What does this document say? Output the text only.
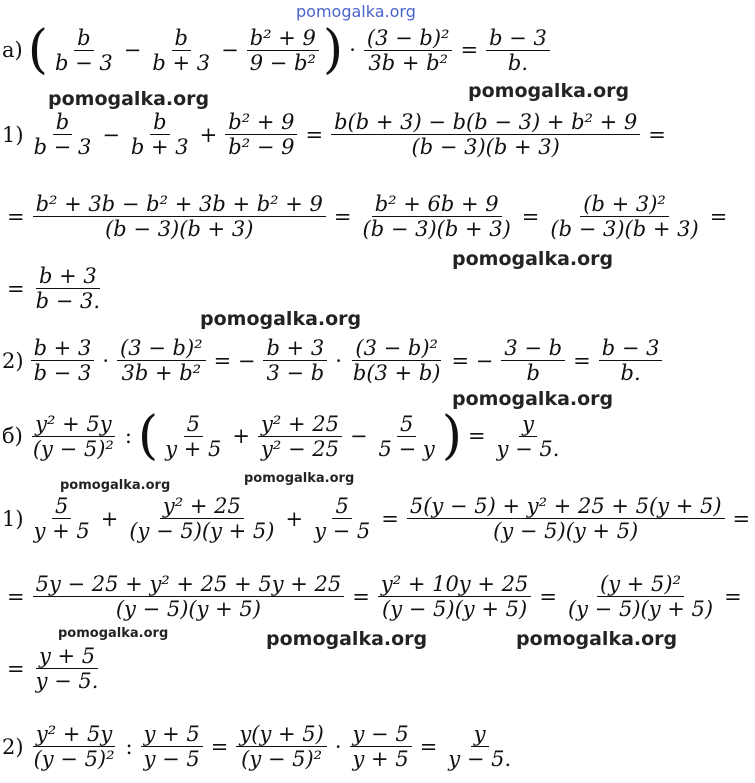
pomogalka.org
pomogalka.org	pomogalka.org
pomogalka.org
pomogalka.org
pomogalka.org
pomogalka.org	pomogalka.org
pomogalka.org	pomogalka.org
pomogalka.org
а) ( $\frac{b}{b - 3} - \frac{b}{b + 3} - \frac{\text{b² + 9}}{\text{9 − b²}}$ ) · $\frac{\text{(3 − b)²}}{\text{3b + b²}} = \frac{b - 3}{b.}$
$1) \frac{b}{b - 3} - \frac{b}{b + 3} + \frac{\text{b² + 9}}{\text{b² − 9}} = \frac{\text{b(b + 3) − b(b − 3) + b² + 9}}{(b - 3)(b + 3)}$ =
= $\frac{\text{b² + 3b − b² + 3b + b² + 9}}{(b - 3)(b + 3)} = \frac{\text{b² + 6b + 9}}{(b - 3)(b + 3)} = \frac{\text{(b + 3)²}}{(b - 3)(b + 3)}$ =
= $\frac{b + 3}{b - 3.}$
$2) \frac{b + 3}{b - 3} \cdot \frac{\text{(3 − b)²}}{\text{3b + b²}}$ = − $\frac{b + 3}{3 - b} \cdot \frac{\text{(3 − b)²}}{b(3 + b)}$ = − $\frac{3 - b}{b} = \frac{b - 3}{b.}$
$б) \frac{\text{y² + 5y}}{\text{(y − 5)²}}$ : ( $\frac{5}{y + 5} + \frac{\text{y² + 25}}{\text{y² − 25}} - \frac{5}{5 - y}$ ) = $\frac{y}{y - 5.}$
$1) \frac{5}{y + 5} + \frac{\text{y² + 25}}{(y - 5)(y + 5)} + \frac{5}{y - 5} = \frac{\text{5(y − 5) + y² + 25 + 5(y + 5)}}{(y - 5)(y + 5)}$ =
= $\frac{\text{5y − 25 + y² + 25 + 5y + 25}}{(y - 5)(y + 5)} = \frac{\text{y² + 10y + 25}}{(y - 5)(y + 5)} = \frac{\text{(y + 5)²}}{(y - 5)(y + 5)}$ =
= $\frac{y + 5}{y - 5.}$
$2) \frac{\text{y² + 5y}}{\text{(y − 5)²}}$ : $\frac{y + 5}{y - 5} = \frac{y(y + 5)}{\text{(y − 5)²}} \cdot \frac{y - 5}{y + 5} = \frac{y}{y - 5.}$
